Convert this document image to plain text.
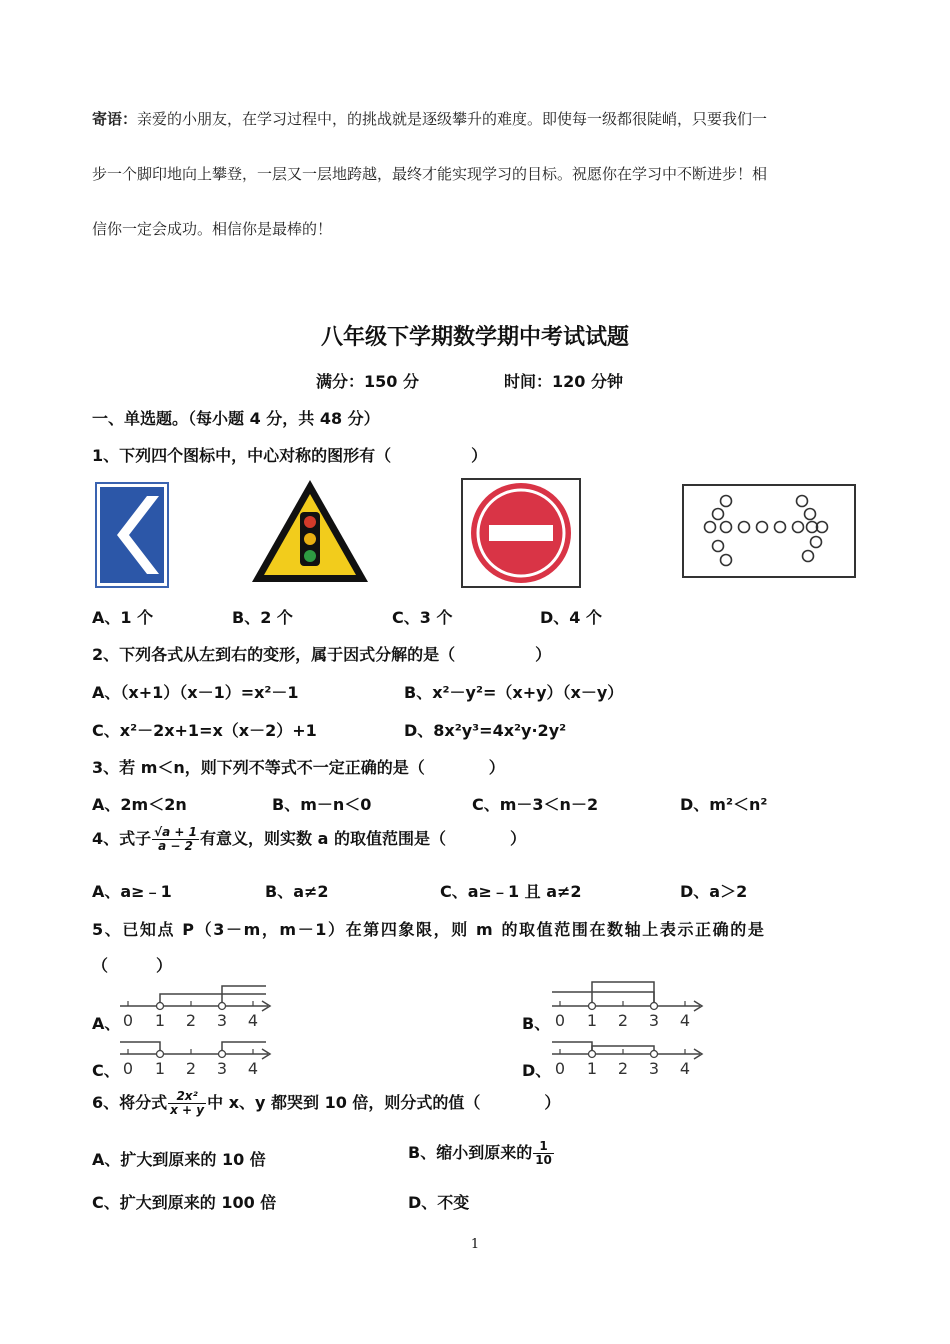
寄语：亲爱的小朋友，在学习过程中，的挑战就是逐级攀升的难度。即使每一级都很陡峭，只要我们一
步一个脚印地向上攀登，一层又一层地跨越，最终才能实现学习的目标。祝愿你在学习中不断进步！相
信你一定会成功。相信你是最棒的！
八年级下学期数学期中考试试题
满分：150 分	时间：120 分钟
一、单选题。（每小题 4 分，共 48 分）
1、下列四个图标中，中心对称的图形有（　　　　　）
A、1 个	B、2 个	C、3 个	D、4 个
2、下列各式从左到右的变形，属于因式分解的是（　　　　　）
A、（x+1）（x－1）=x²－1	B、x²－y²=（x+y）（x－y）
C、x²－2x+1=x（x－2）+1	D、8x²y³=4x²y·2y²
3、若 m＜n，则下列不等式不一定正确的是（　　　　）
A、2m＜2n	B、m－n＜0	C、m－3＜n－2	D、m²＜n²
4、式子 $\frac{√a + 1}{a - 2}$ 有意义，则实数 a 的取值范围是（　　　　）
A、a≥﹣1	B、a≠2	C、a≥﹣1 且 a≠2	D、a＞2
5、已知点 P（3－m，m－1）在第四象限，则 m 的取值范围在数轴上表示正确的是
（　　　）
A、	B、
C、	D、
0 1 2 3 4	0 1 2 3 4
0 1 2 3 4	0 1 2 3 4
6、将分式 $\frac{\text{2x²}}{x + y}$ 中 x、y 都哭到 10 倍，则分式的值（　　　　）
A、扩大到原来的 10 倍	B、缩小到原来的 $\frac{1}{10}$
C、扩大到原来的 100 倍	D、不变
1
